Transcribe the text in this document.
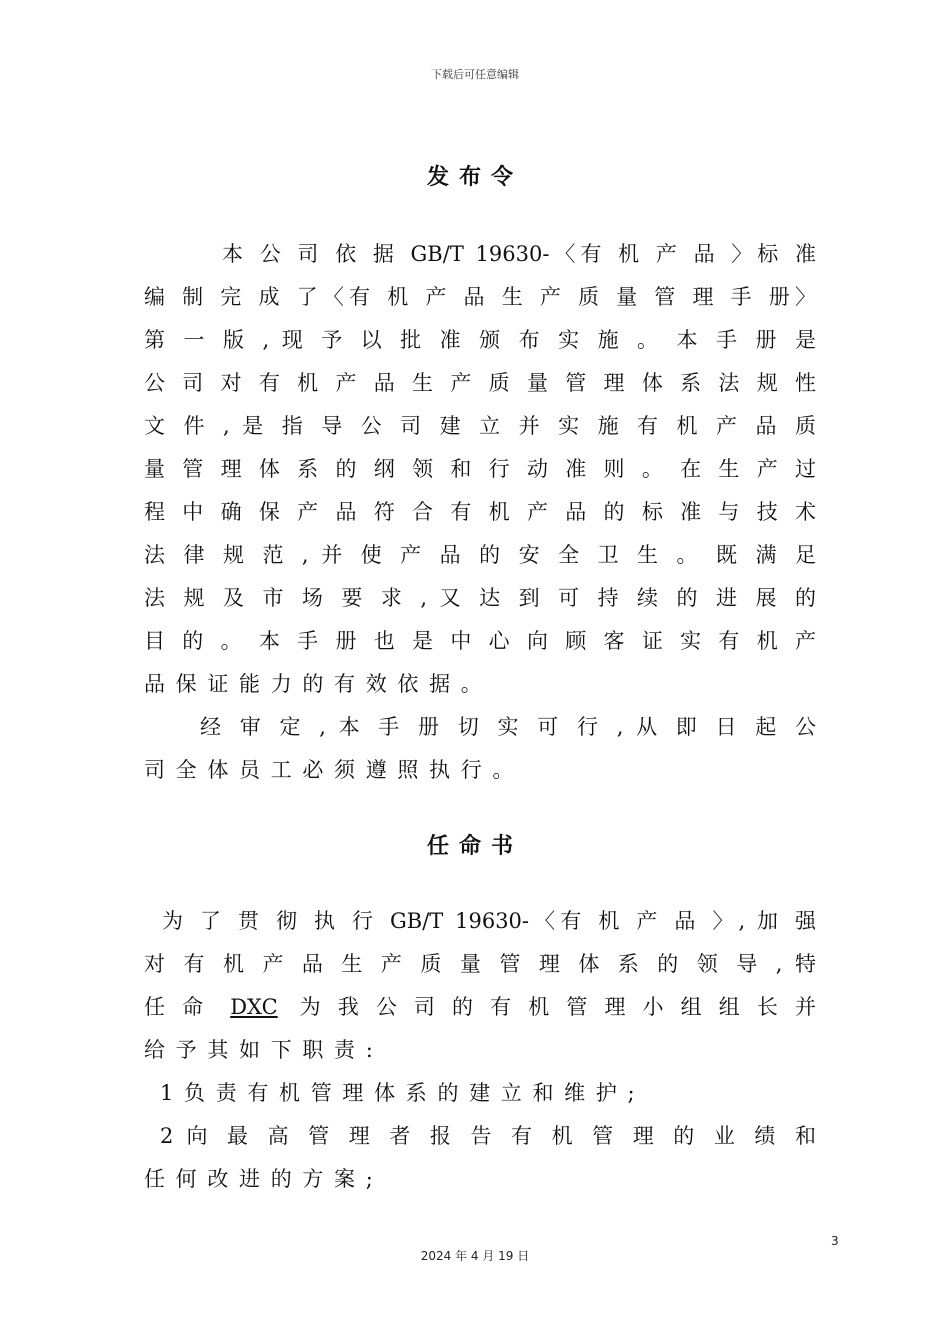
下载后可任意编辑
发布令
本 公 司 依 据 GB/T 19630-〈有 机 产 品 〉标 准
编 制 完 成 了〈有 机 产 品 生 产 质 量 管 理 手 册〉
第 一 版 , 现 予 以 批 准 颁 布 实 施 。 本 手 册 是
公 司 对 有 机 产 品 生 产 质 量 管 理 体 系 法 规 性
文 件 , 是 指 导 公 司 建 立 并 实 施 有 机 产 品 质
量 管 理 体 系 的 纲 领 和 行 动 准 则 。 在 生 产 过
程 中 确 保 产 品 符 合 有 机 产 品 的 标 准 与 技 术
法 律 规 范 , 并 使 产 品 的 安 全 卫 生 。 既 满 足
法 规 及 市 场 要 求 , 又 达 到 可 持 续 的 进 展 的
目 的 。 本 手 册 也 是 中 心 向 顾 客 证 实 有 机 产
品 保 证 能 力 的 有 效 依 据 。
经 审 定 , 本 手 册 切 实 可 行 , 从 即 日 起 公
司 全 体 员 工 必 须 遵 照 执 行 。
任命书
为 了 贯 彻 执 行 GB/T 19630-〈有 机 产 品 〉, 加 强
对 有 机 产 品 生 产 质 量 管 理 体 系 的 领 导 , 特
任 命 DXC 为 我 公 司 的 有 机 管 理 小 组 组 长 并
给 予 其 如 下 职 责 :
1 负 责 有 机 管 理 体 系 的 建 立 和 维 护 ;
2 向 最 高 管 理 者 报 告 有 机 管 理 的 业 绩 和
任 何 改 进 的 方 案 ;
3
2024 年 4 月 19 日
